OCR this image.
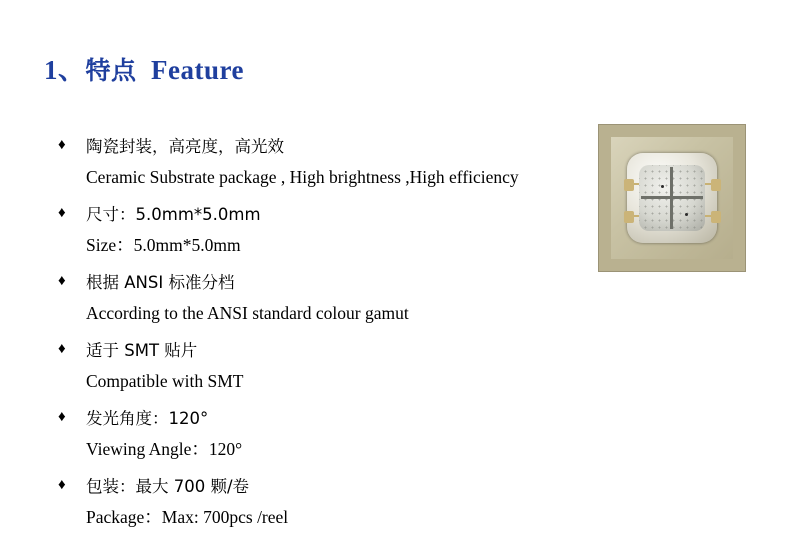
1、特点 Feature
♦ 陶瓷封装，高亮度，高光效
Ceramic Substrate package , High brightness ,High efficiency
♦ 尺寸：5.0mm*5.0mm
Size：5.0mm*5.0mm
♦ 根据 ANSI 标准分档
According to the ANSI standard colour gamut
♦ 适于 SMT 贴片
Compatible with SMT
♦ 发光角度：120°
Viewing Angle：120°
♦ 包装：最大 700 颗/卷
Package：Max: 700pcs /reel
